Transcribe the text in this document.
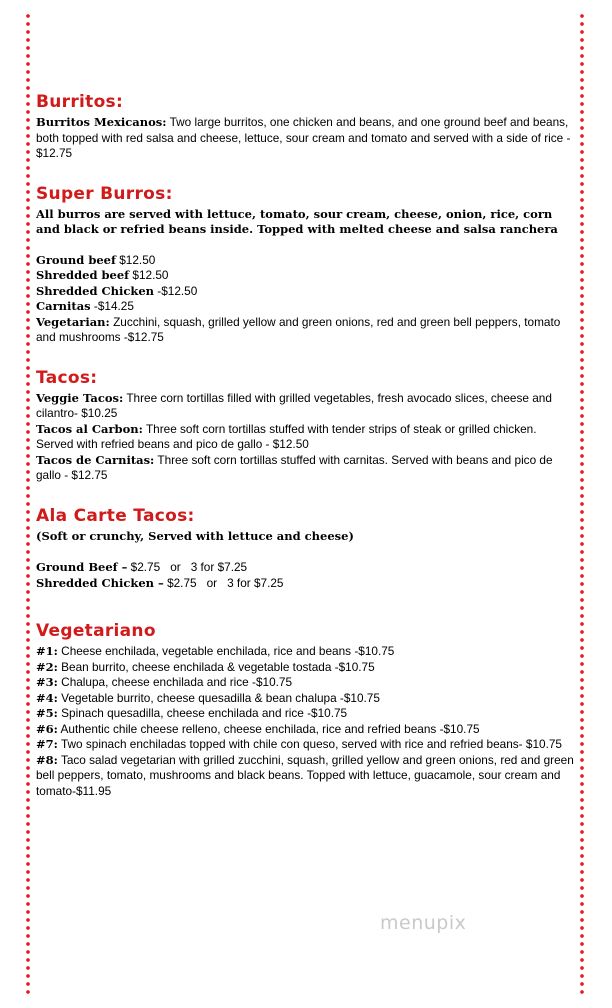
Burritos:

Burritos Mexicanos: Two large burritos, one chicken and beans, and one ground beef and beans, both topped with red salsa and cheese, lettuce, sour cream and tomato and served with a side of rice - $12.75

Super Burros:

All burros are served with lettuce, tomato, sour cream, cheese, onion, rice, corn and black or refried beans inside. Topped with melted cheese and salsa ranchera

Ground beef $12.50

Shredded beef $12.50

Shredded Chicken -$12.50

Carnitas -$14.25

Vegetarian: Zucchini, squash, grilled yellow and green onions, red and green bell peppers, tomato and mushrooms -$12.75

Tacos:

Veggie Tacos: Three corn tortillas filled with grilled vegetables, fresh avocado slices, cheese and cilantro- $10.25

Tacos al Carbon: Three soft corn tortillas stuffed with tender strips of steak or grilled chicken. Served with refried beans and pico de gallo - $12.50

Tacos de Carnitas: Three soft corn tortillas stuffed with carnitas. Served with beans and pico de gallo - $12.75

Ala Carte Tacos:

(Soft or crunchy, Served with lettuce and cheese)

Ground Beef – $2.75 or 3 for $7.25
Shredded Chicken – $2.75 or 3 for $7.25
Vegetariano

#1: Cheese enchilada, vegetable enchilada, rice and beans -$10.75

#2: Bean burrito, cheese enchilada & vegetable tostada -$10.75

#3: Chalupa, cheese enchilada and rice -$10.75

#4: Vegetable burrito, cheese quesadilla & bean chalupa -$10.75

#5: Spinach quesadilla, cheese enchilada and rice -$10.75

#6: Authentic chile cheese relleno, cheese enchilada, rice and refried beans -$10.75

#7: Two spinach enchiladas topped with chile con queso, served with rice and refried beans- $10.75

#8: Taco salad vegetarian with grilled zucchini, squash, grilled yellow and green onions, red and green bell peppers, tomato, mushrooms and black beans. Topped with lettuce, guacamole, sour cream and tomato-$11.95

menupix
